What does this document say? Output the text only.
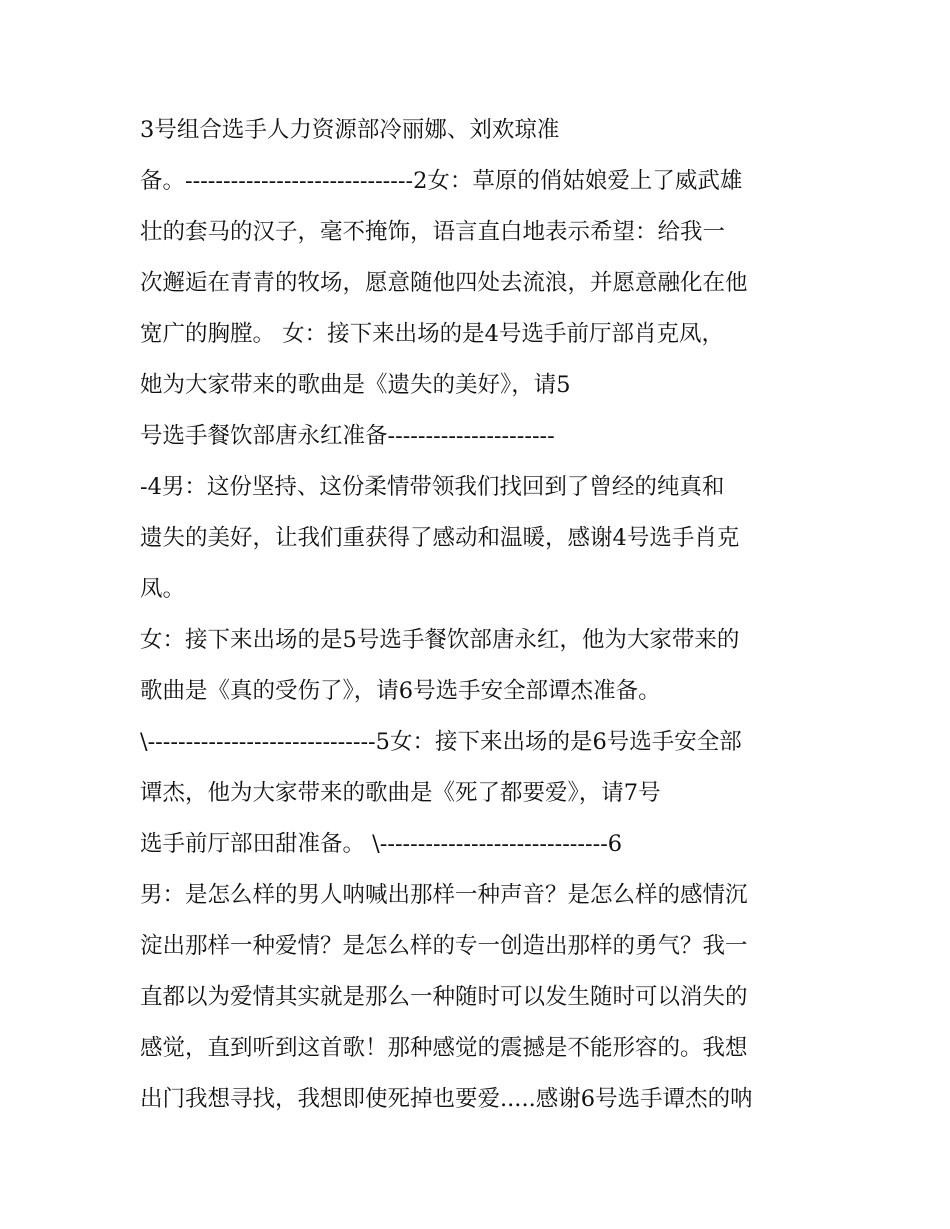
3号组合选手人力资源部冷丽娜、刘欢琼准
备。------------------------------2女：草原的俏姑娘爱上了威武雄
壮的套马的汉子，毫不掩饰，语言直白地表示希望：给我一
次邂逅在青青的牧场，愿意随他四处去流浪，并愿意融化在他
宽广的胸膛。 女：接下来出场的是4号选手前厅部肖克凤，
她为大家带来的歌曲是《遗失的美好》，请5
号选手餐饮部唐永红准备----------------------
-4男：这份坚持、这份柔情带领我们找回到了曾经的纯真和
遗失的美好，让我们重获得了感动和温暖，感谢4号选手肖克
凤。
女：接下来出场的是5号选手餐饮部唐永红，他为大家带来的
歌曲是《真的受伤了》，请6号选手安全部谭杰准备。
\------------------------------5女：接下来出场的是6号选手安全部
谭杰，他为大家带来的歌曲是《死了都要爱》，请7号
选手前厅部田甜准备。 \------------------------------6
男：是怎么样的男人呐喊出那样一种声音？是怎么样的感情沉
淀出那样一种爱情？是怎么样的专一创造出那样的勇气？我一
直都以为爱情其实就是那么一种随时可以发生随时可以消失的
感觉，直到听到这首歌！那种感觉的震撼是不能形容的。我想
出门我想寻找，我想即使死掉也要爱.....感谢6号选手谭杰的呐
